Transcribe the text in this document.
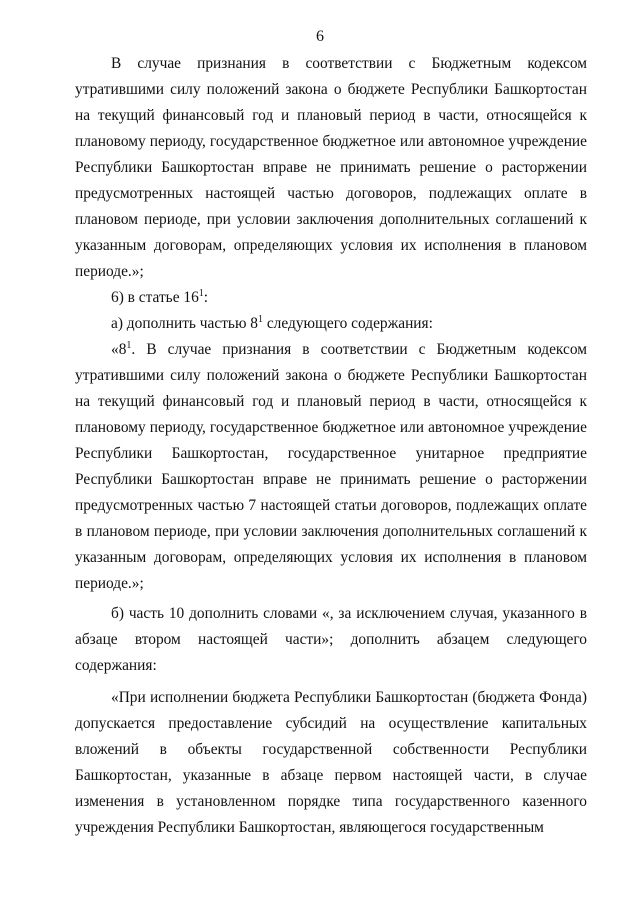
6

В случае признания в соответствии с Бюджетным кодексом утратившими силу положений закона о бюджете Республики Башкортостан на текущий финансовый год и плановый период в части, относящейся к плановому периоду, государственное бюджетное или автономное учреждение Республики Башкортостан вправе не принимать решение о расторжении предусмотренных настоящей частью договоров, подлежащих оплате в плановом периоде, при условии заключения дополнительных соглашений к указанным договорам, определяющих условия их исполнения в плановом периоде.»;

6) в статье $16^1$:

а) дополнить частью $8^1$ следующего содержания:

«$8^1$. В случае признания в соответствии с Бюджетным кодексом утратившими силу положений закона о бюджете Республики Башкортостан на текущий финансовый год и плановый период в части, относящейся к плановому периоду, государственное бюджетное или автономное учреждение Республики Башкортостан, государственное унитарное предприятие Республики Башкортостан вправе не принимать решение о расторжении предусмотренных частью 7 настоящей статьи договоров, подлежащих оплате в плановом периоде, при условии заключения дополнительных соглашений к указанным договорам, определяющих условия их исполнения в плановом периоде.»;

б) часть 10 дополнить словами «, за исключением случая, указанного в абзаце втором настоящей части»; дополнить абзацем следующего содержания:

«При исполнении бюджета Республики Башкортостан (бюджета Фонда) допускается предоставление субсидий на осуществление капитальных вложений в объекты государственной собственности Республики Башкортостан, указанные в абзаце первом настоящей части, в случае изменения в установленном порядке типа государственного казенного учреждения Республики Башкортостан, являющегося государственным
